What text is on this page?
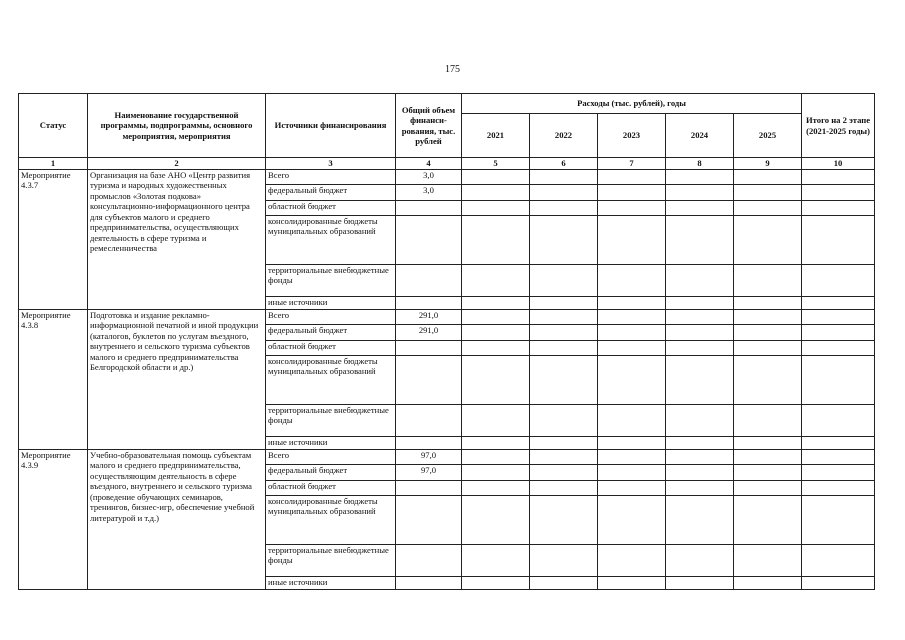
175
Статус	Наименование государственной программы, подпрограммы, основного мероприятия, мероприятия	Источники финансирования	Общий объем финанси-рования, тыс. рублей	Расходы (тыс. рублей), годы					Итого на 2 этапе (2021-2025 годы)
				2021	2022	2023	2024	2025	
1	2	3	4	5	6	7	8	9	10
Мероприятие 4.3.7	Организация на базе АНО «Центр развития туризма и народных художественных промыслов «Золотая подкова» консультационно-информационного центра для субъектов малого и среднего предпринимательства, осуществляющих деятельность в сфере туризма и ремесленничества	Всего	3,0						
		федеральный бюджет	3,0						
		областной бюджет							
		консолидированные бюджеты муниципальных образований							
		территориальные внебюджетные фонды							
		иные источники							
Мероприятие 4.3.8	Подготовка и издание рекламно-информационной печатной и иной продукции (каталогов, буклетов по услугам въездного, внутреннего и сельского туризма субъектов малого и среднего предпринимательства Белгородской области и др.)	Всего	291,0						
		федеральный бюджет	291,0						
		областной бюджет							
		консолидированные бюджеты муниципальных образований							
		территориальные внебюджетные фонды							
		иные источники							
Мероприятие 4.3.9	Учебно-образовательная помощь субъектам малого и среднего предпринимательства, осуществляющим деятельность в сфере въездного, внутреннего и сельского туризма (проведение обучающих семинаров, тренингов, бизнес-игр, обеспечение учебной литературой и т.д.)	Всего	97,0						
		федеральный бюджет	97,0						
		областной бюджет							
		консолидированные бюджеты муниципальных образований							
		территориальные внебюджетные фонды							
		иные источники							
